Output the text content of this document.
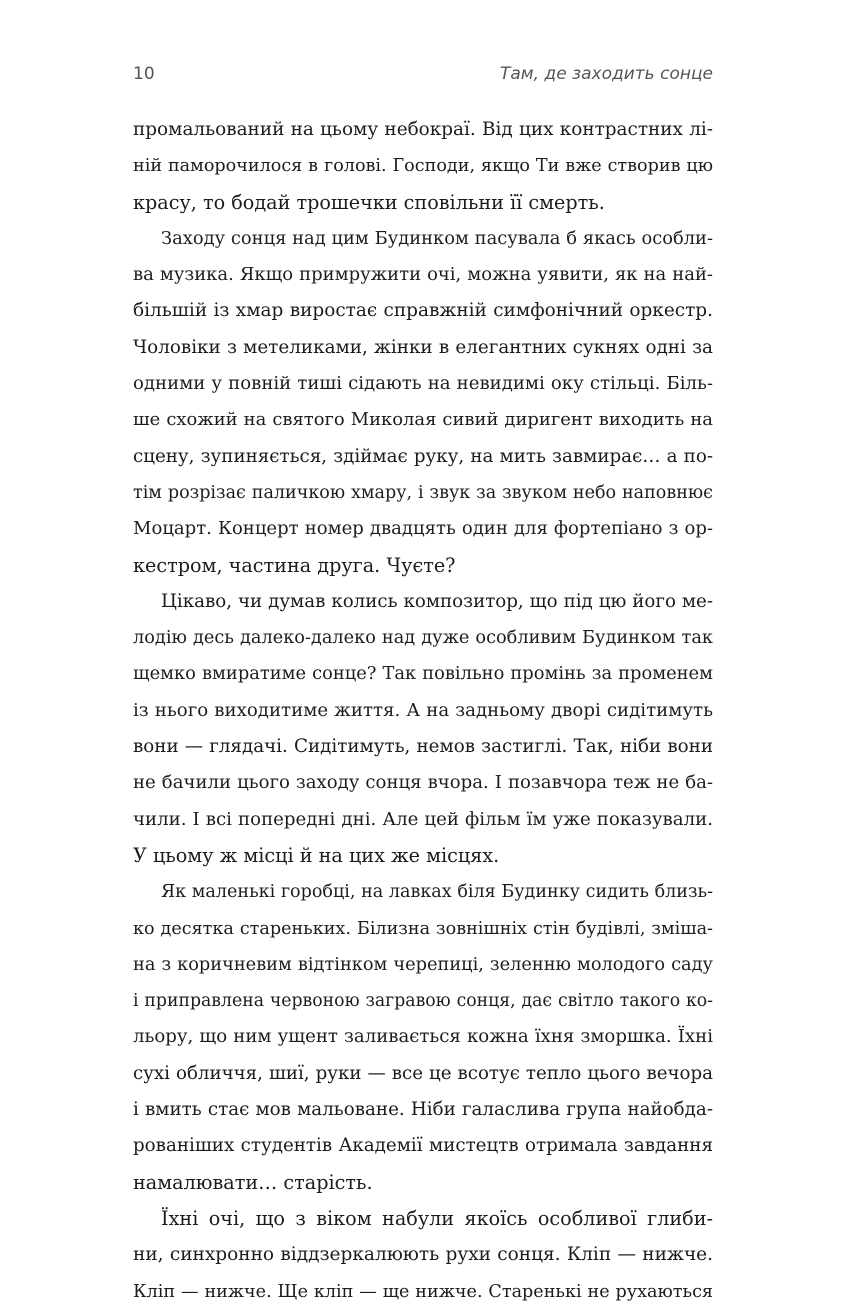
10	Там, де заходить сонце
промальований на цьому небокраї. Від цих контрастних лі-
ній паморочилося в голові. Господи, якщо Ти вже створив цю
красу, то бодай трошечки сповільни її смерть.
Заходу сонця над цим Будинком пасувала б якась особли-
ва музика. Якщо примружити очі, можна уявити, як на най-
більшій із хмар виростає справжній симфонічний оркестр.
Чоловіки з метеликами, жінки в елегантних сукнях одні за
одними у повній тиші сідають на невидимі оку стільці. Біль-
ше схожий на святого Миколая сивий диригент виходить на
сцену, зупиняється, здіймає руку, на мить завмирає… а по-
тім розрізає паличкою хмару, і звук за звуком небо наповнює
Моцарт. Концерт номер двадцять один для фортепіано з ор-
кестром, частина друга. Чуєте?
Цікаво, чи думав колись композитор, що під цю його ме-
лодію десь далеко-далеко над дуже особливим Будинком так
щемко вмиратиме сонце? Так повільно промінь за променем
із нього виходитиме життя. А на задньому дворі сидітимуть
вони — глядачі. Сидітимуть, немов застиглі. Так, ніби вони
не бачили цього заходу сонця вчора. І позавчора теж не ба-
чили. І всі попередні дні. Але цей фільм їм уже показували.
У цьому ж місці й на цих же місцях.
Як маленькі горобці, на лавках біля Будинку сидить близь-
ко десятка стареньких. Білизна зовнішніх стін будівлі, зміша-
на з коричневим відтінком черепиці, зеленню молодого саду
і приправлена червоною загравою сонця, дає світло такого ко-
льору, що ним ущент заливається кожна їхня зморшка. Їхні
сухі обличчя, шиї, руки — все це всотує тепло цього вечора
і вмить стає мов мальоване. Ніби галаслива група найобда-
рованіших студентів Академії мистецтв отримала завдання
намалювати… старість.
Їхні очі, що з віком набули якоїсь особливої глиби-
ни, синхронно віддзеркалюють рухи сонця. Кліп — нижче.
Кліп — нижче. Ще кліп — ще нижче. Старенькі не рухаються
